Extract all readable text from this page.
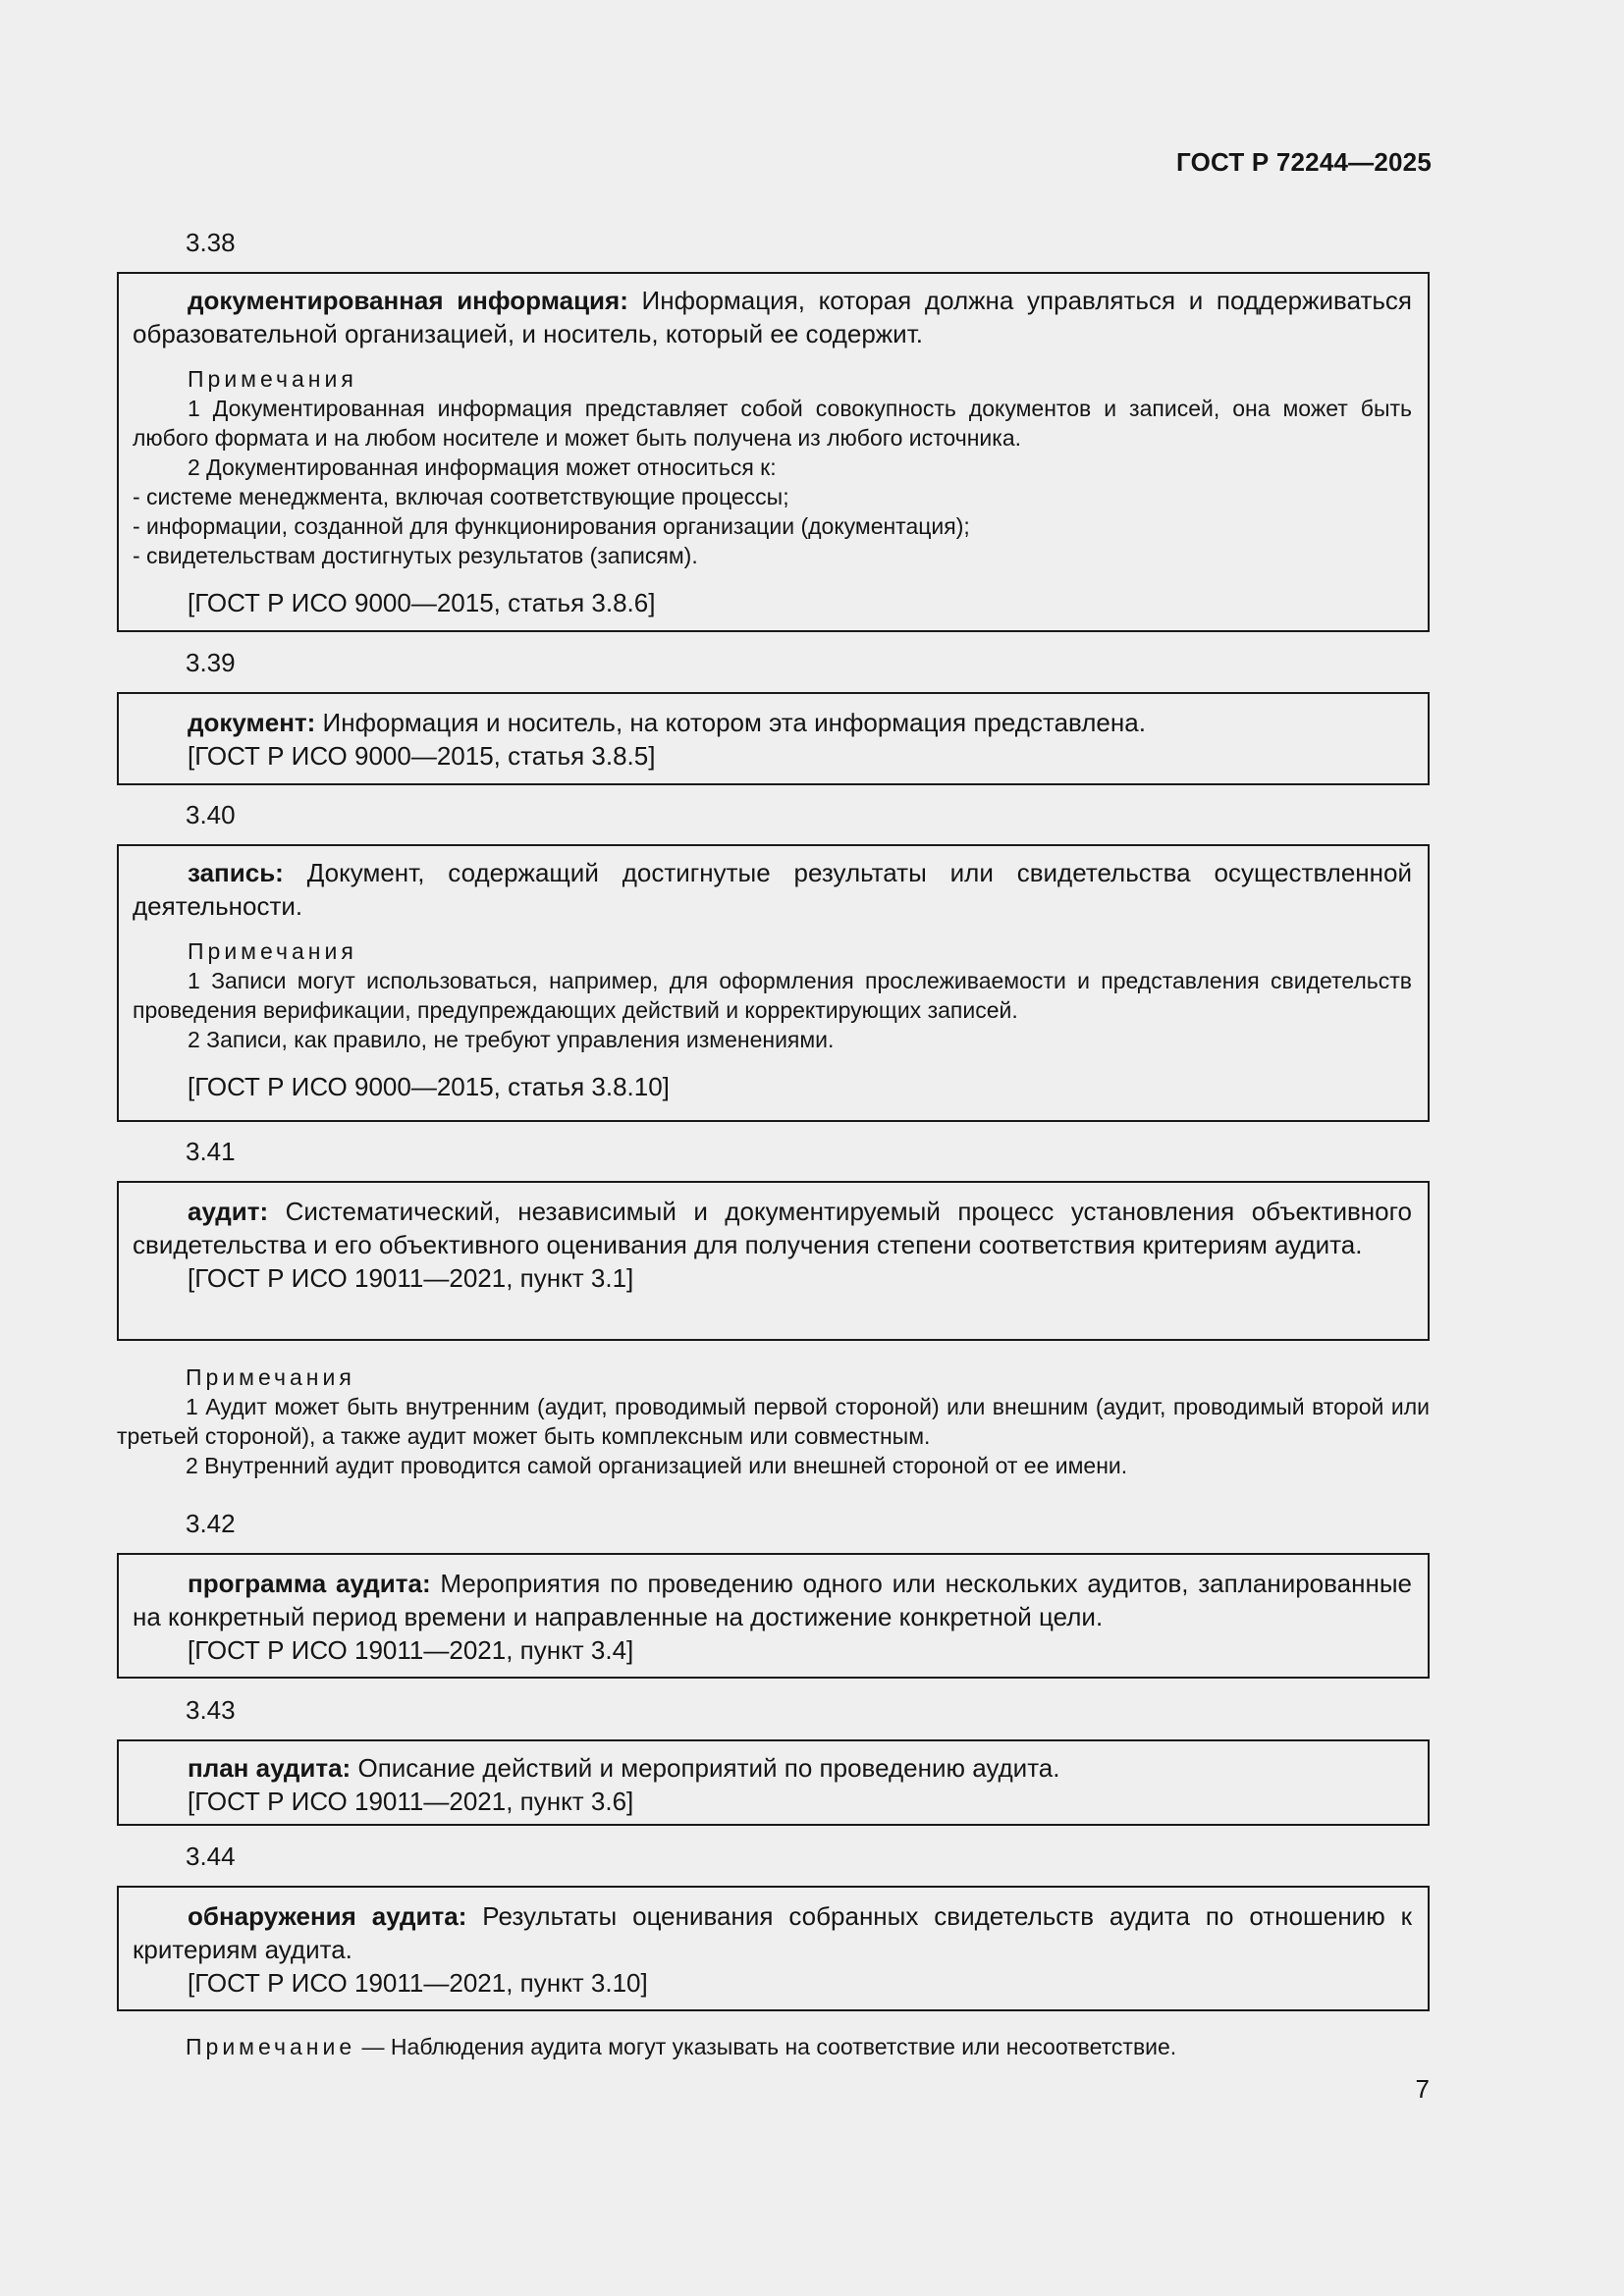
ГОСТ Р 72244—2025
3.38

документированная информация: Информация, которая должна управляться и поддерживаться образовательной организацией, и носитель, который ее содержит.

Примечания

1 Документированная информация представляет собой совокупность документов и записей, она может быть любого формата и на любом носителе и может быть получена из любого источника.

2 Документированная информация может относиться к:

- системе менеджмента, включая соответствующие процессы;

- информации, созданной для функционирования организации (документация);

- свидетельствам достигнутых результатов (записям).

[ГОСТ Р ИСО 9000—2015, статья 3.8.6]

3.39

документ: Информация и носитель, на котором эта информация представлена.

[ГОСТ Р ИСО 9000—2015, статья 3.8.5]

3.40

запись: Документ, содержащий достигнутые результаты или свидетельства осуществленной деятельности.

Примечания

1 Записи могут использоваться, например, для оформления прослеживаемости и представления свидетельств проведения верификации, предупреждающих действий и корректирующих записей.

2 Записи, как правило, не требуют управления изменениями.

[ГОСТ Р ИСО 9000—2015, статья 3.8.10]

3.41

аудит: Систематический, независимый и документируемый процесс установления объективного свидетельства и его объективного оценивания для получения степени соответствия критериям аудита.

[ГОСТ Р ИСО 19011—2021, пункт 3.1]

Примечания

1 Аудит может быть внутренним (аудит, проводимый первой стороной) или внешним (аудит, проводимый второй или третьей стороной), а также аудит может быть комплексным или совместным.

2 Внутренний аудит проводится самой организацией или внешней стороной от ее имени.

3.42

программа аудита: Мероприятия по проведению одного или нескольких аудитов, запланированные на конкретный период времени и направленные на достижение конкретной цели.

[ГОСТ Р ИСО 19011—2021, пункт 3.4]

3.43

план аудита: Описание действий и мероприятий по проведению аудита.

[ГОСТ Р ИСО 19011—2021, пункт 3.6]

3.44

обнаружения аудита: Результаты оценивания собранных свидетельств аудита по отношению к критериям аудита.

[ГОСТ Р ИСО 19011—2021, пункт 3.10]

Примечание — Наблюдения аудита могут указывать на соответствие или несоответствие.
7
